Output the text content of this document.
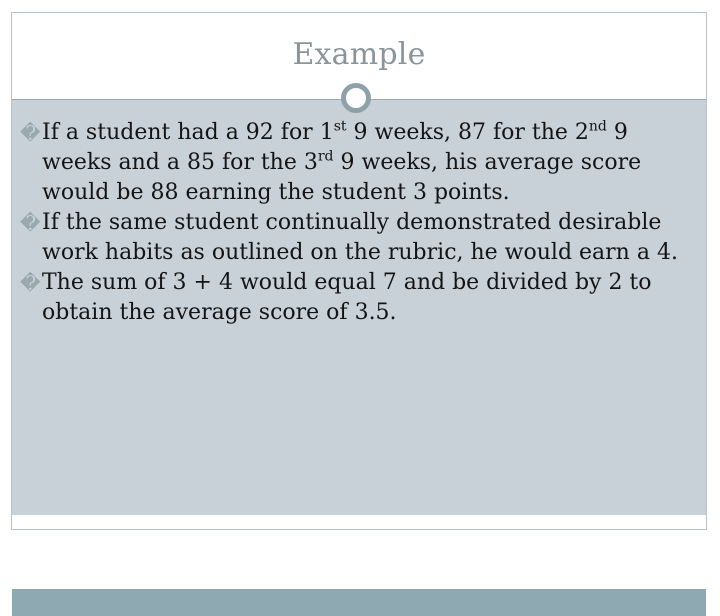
Example
� If a student had a 92 for 1st 9 weeks, 87 for the 2nd 9 weeks and a 85 for the 3rd 9 weeks, his average score would be 88 earning the student 3 points.
� If the same student continually demonstrated desirable work habits as outlined on the rubric, he would earn a 4.
� The sum of 3 + 4 would equal 7 and be divided by 2 to obtain the average score of 3.5.
